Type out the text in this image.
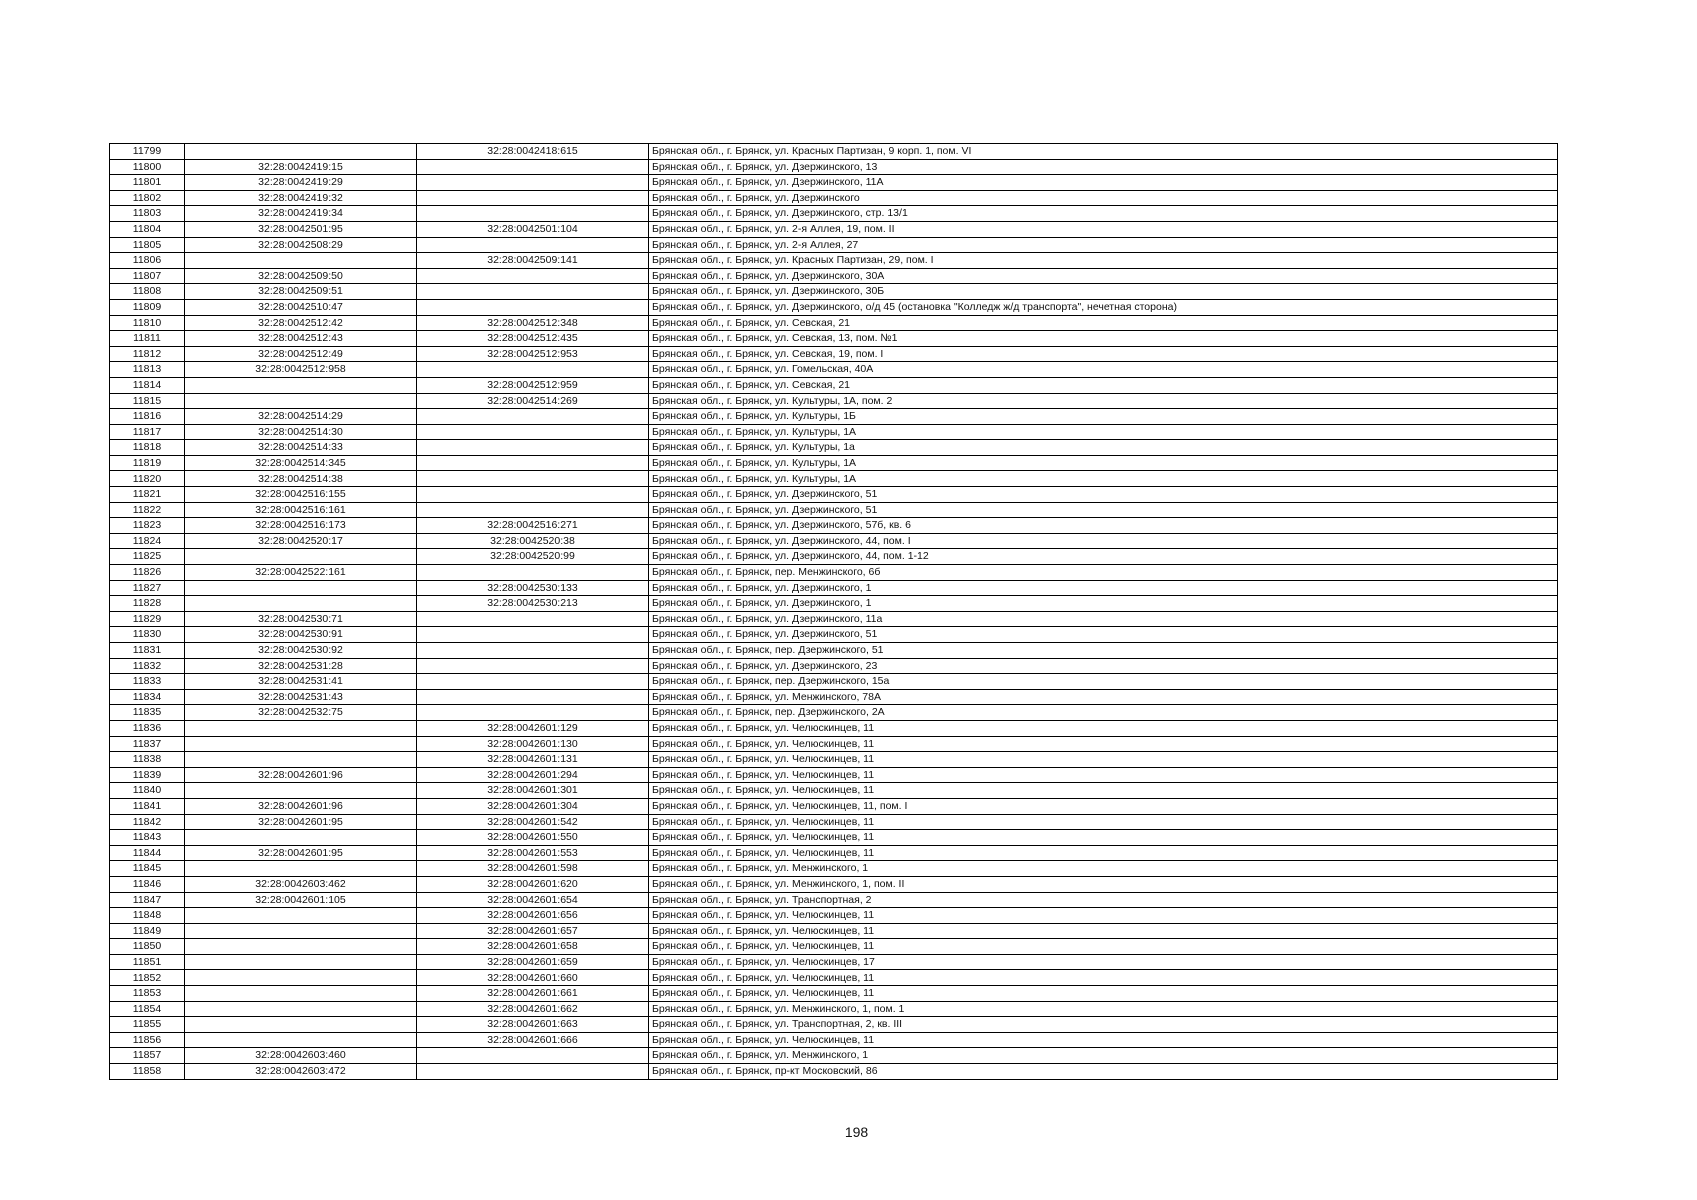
11799		32:28:0042418:615	Брянская обл., г. Брянск, ул. Красных Партизан, 9 корп. 1, пом. VI
11800	32:28:0042419:15		Брянская обл., г. Брянск, ул. Дзержинского, 13
11801	32:28:0042419:29		Брянская обл., г. Брянск, ул. Дзержинского, 11А
11802	32:28:0042419:32		Брянская обл., г. Брянск, ул. Дзержинского
11803	32:28:0042419:34		Брянская обл., г. Брянск, ул. Дзержинского, стр. 13/1
11804	32:28:0042501:95	32:28:0042501:104	Брянская обл., г. Брянск, ул. 2-я Аллея, 19, пом. II
11805	32:28:0042508:29		Брянская обл., г. Брянск, ул. 2-я Аллея, 27
11806		32:28:0042509:141	Брянская обл., г. Брянск, ул. Красных Партизан, 29, пом. I
11807	32:28:0042509:50		Брянская обл., г. Брянск, ул. Дзержинского, 30А
11808	32:28:0042509:51		Брянская обл., г. Брянск, ул. Дзержинского, 30Б
11809	32:28:0042510:47		Брянская обл., г. Брянск, ул. Дзержинского, о/д 45 (остановка "Колледж ж/д транспорта", нечетная сторона)
11810	32:28:0042512:42	32:28:0042512:348	Брянская обл., г. Брянск, ул. Севская, 21
11811	32:28:0042512:43	32:28:0042512:435	Брянская обл., г. Брянск, ул. Севская, 13, пом. №1
11812	32:28:0042512:49	32:28:0042512:953	Брянская обл., г. Брянск, ул. Севская, 19, пом. I
11813	32:28:0042512:958		Брянская обл., г. Брянск, ул. Гомельская, 40А
11814		32:28:0042512:959	Брянская обл., г. Брянск, ул. Севская, 21
11815		32:28:0042514:269	Брянская обл., г. Брянск, ул. Культуры, 1А, пом. 2
11816	32:28:0042514:29		Брянская обл., г. Брянск, ул. Культуры, 1Б
11817	32:28:0042514:30		Брянская обл., г. Брянск, ул. Культуры, 1А
11818	32:28:0042514:33		Брянская обл., г. Брянск, ул. Культуры, 1а
11819	32:28:0042514:345		Брянская обл., г. Брянск, ул. Культуры, 1А
11820	32:28:0042514:38		Брянская обл., г. Брянск, ул. Культуры, 1А
11821	32:28:0042516:155		Брянская обл., г. Брянск, ул. Дзержинского, 51
11822	32:28:0042516:161		Брянская обл., г. Брянск, ул. Дзержинского, 51
11823	32:28:0042516:173	32:28:0042516:271	Брянская обл., г. Брянск, ул. Дзержинского, 57б, кв. 6
11824	32:28:0042520:17	32:28:0042520:38	Брянская обл., г. Брянск, ул. Дзержинского, 44, пом. I
11825		32:28:0042520:99	Брянская обл., г. Брянск, ул. Дзержинского, 44, пом. 1-12
11826	32:28:0042522:161		Брянская обл., г. Брянск, пер. Менжинского, 6б
11827		32:28:0042530:133	Брянская обл., г. Брянск, ул. Дзержинского, 1
11828		32:28:0042530:213	Брянская обл., г. Брянск, ул. Дзержинского, 1
11829	32:28:0042530:71		Брянская обл., г. Брянск, ул. Дзержинского, 11а
11830	32:28:0042530:91		Брянская обл., г. Брянск, ул. Дзержинского, 51
11831	32:28:0042530:92		Брянская обл., г. Брянск, пер. Дзержинского, 51
11832	32:28:0042531:28		Брянская обл., г. Брянск, ул. Дзержинского, 23
11833	32:28:0042531:41		Брянская обл., г. Брянск, пер. Дзержинского, 15а
11834	32:28:0042531:43		Брянская обл., г. Брянск, ул. Менжинского, 78А
11835	32:28:0042532:75		Брянская обл., г. Брянск, пер. Дзержинского, 2А
11836		32:28:0042601:129	Брянская обл., г. Брянск, ул. Челюскинцев, 11
11837		32:28:0042601:130	Брянская обл., г. Брянск, ул. Челюскинцев, 11
11838		32:28:0042601:131	Брянская обл., г. Брянск, ул. Челюскинцев, 11
11839	32:28:0042601:96	32:28:0042601:294	Брянская обл., г. Брянск, ул. Челюскинцев, 11
11840		32:28:0042601:301	Брянская обл., г. Брянск, ул. Челюскинцев, 11
11841	32:28:0042601:96	32:28:0042601:304	Брянская обл., г. Брянск, ул. Челюскинцев, 11, пом. I
11842	32:28:0042601:95	32:28:0042601:542	Брянская обл., г. Брянск, ул. Челюскинцев, 11
11843		32:28:0042601:550	Брянская обл., г. Брянск, ул. Челюскинцев, 11
11844	32:28:0042601:95	32:28:0042601:553	Брянская обл., г. Брянск, ул. Челюскинцев, 11
11845		32:28:0042601:598	Брянская обл., г. Брянск, ул. Менжинского, 1
11846	32:28:0042603:462	32:28:0042601:620	Брянская обл., г. Брянск, ул. Менжинского, 1, пом. II
11847	32:28:0042601:105	32:28:0042601:654	Брянская обл., г. Брянск, ул. Транспортная, 2
11848		32:28:0042601:656	Брянская обл., г. Брянск, ул. Челюскинцев, 11
11849		32:28:0042601:657	Брянская обл., г. Брянск, ул. Челюскинцев, 11
11850		32:28:0042601:658	Брянская обл., г. Брянск, ул. Челюскинцев, 11
11851		32:28:0042601:659	Брянская обл., г. Брянск, ул. Челюскинцев, 17
11852		32:28:0042601:660	Брянская обл., г. Брянск, ул. Челюскинцев, 11
11853		32:28:0042601:661	Брянская обл., г. Брянск, ул. Челюскинцев, 11
11854		32:28:0042601:662	Брянская обл., г. Брянск, ул. Менжинского, 1, пом. 1
11855		32:28:0042601:663	Брянская обл., г. Брянск, ул. Транспортная, 2, кв. III
11856		32:28:0042601:666	Брянская обл., г. Брянск, ул. Челюскинцев, 11
11857	32:28:0042603:460		Брянская обл., г. Брянск, ул. Менжинского, 1
11858	32:28:0042603:472		Брянская обл., г. Брянск, пр-кт Московский, 86
198
